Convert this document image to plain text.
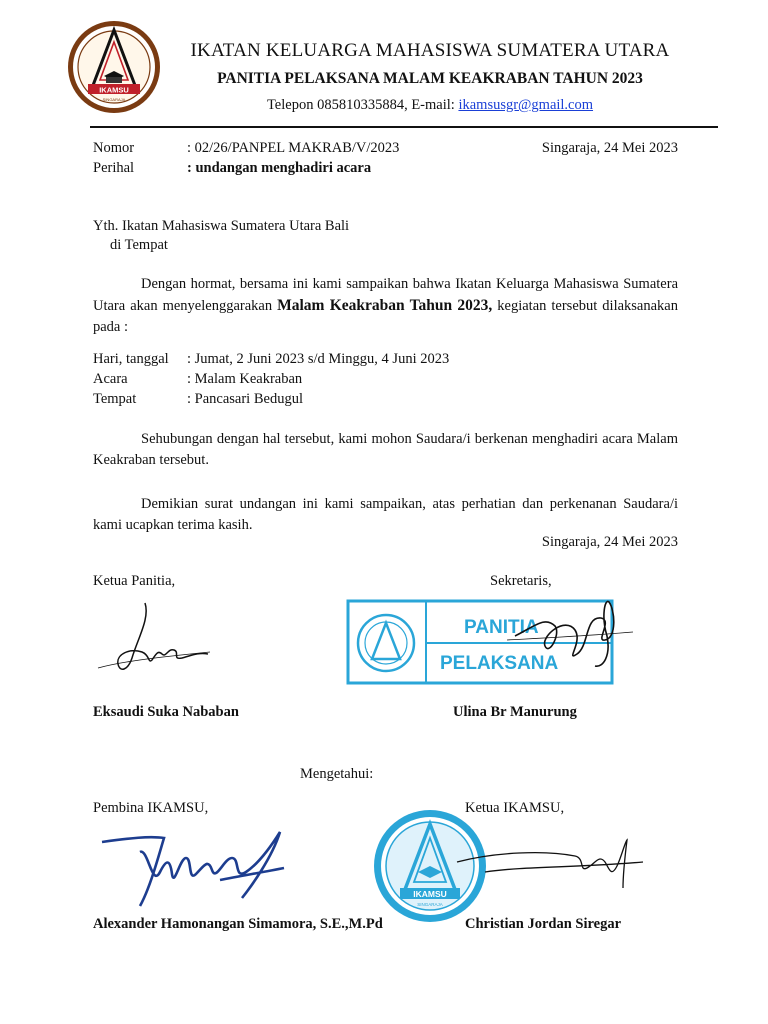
IKAMSU
SINGARAJA
IKATAN KELUARGA MAHASISWA SUMATERA UTARA
PANITIA PELAKSANA MALAM KEAKRABAN TAHUN 2023
Telepon 085810335884, E-mail: ikamsusgr@gmail.com
Nomor	: 02/26/PANPEL MAKRAB/V/2023	Singaraja, 24 Mei 2023
Perihal	: undangan menghadiri acara
Yth. Ikatan Mahasiswa Sumatera Utara Bali
di Tempat
Dengan hormat, bersama ini kami sampaikan bahwa Ikatan Keluarga Mahasiswa Sumatera Utara akan menyelenggarakan Malam Keakraban Tahun 2023, kegiatan tersebut dilaksanakan pada :
Hari, tanggal : Jumat, 2 Juni 2023 s/d Minggu, 4 Juni 2023
Acara	: Malam Keakraban
Tempat	: Pancasari Bedugul
Sehubungan dengan hal tersebut, kami mohon Saudara/i berkenan menghadiri acara Malam Keakraban tersebut.
Demikian surat undangan ini kami sampaikan, atas perhatian dan perkenanan Saudara/i kami ucapkan terima kasih.
Singaraja, 24 Mei 2023
Ketua Panitia,	Sekretaris,
PANITIA
PELAKSANA
Eksaudi Suka Nababan	Ulina Br Manurung
Mengetahui:
Pembina IKAMSU,	Ketua IKAMSU,
IKAMSU
SINGARAJA
Alexander Hamonangan Simamora, S.E.,M.Pd	Christian Jordan Siregar
